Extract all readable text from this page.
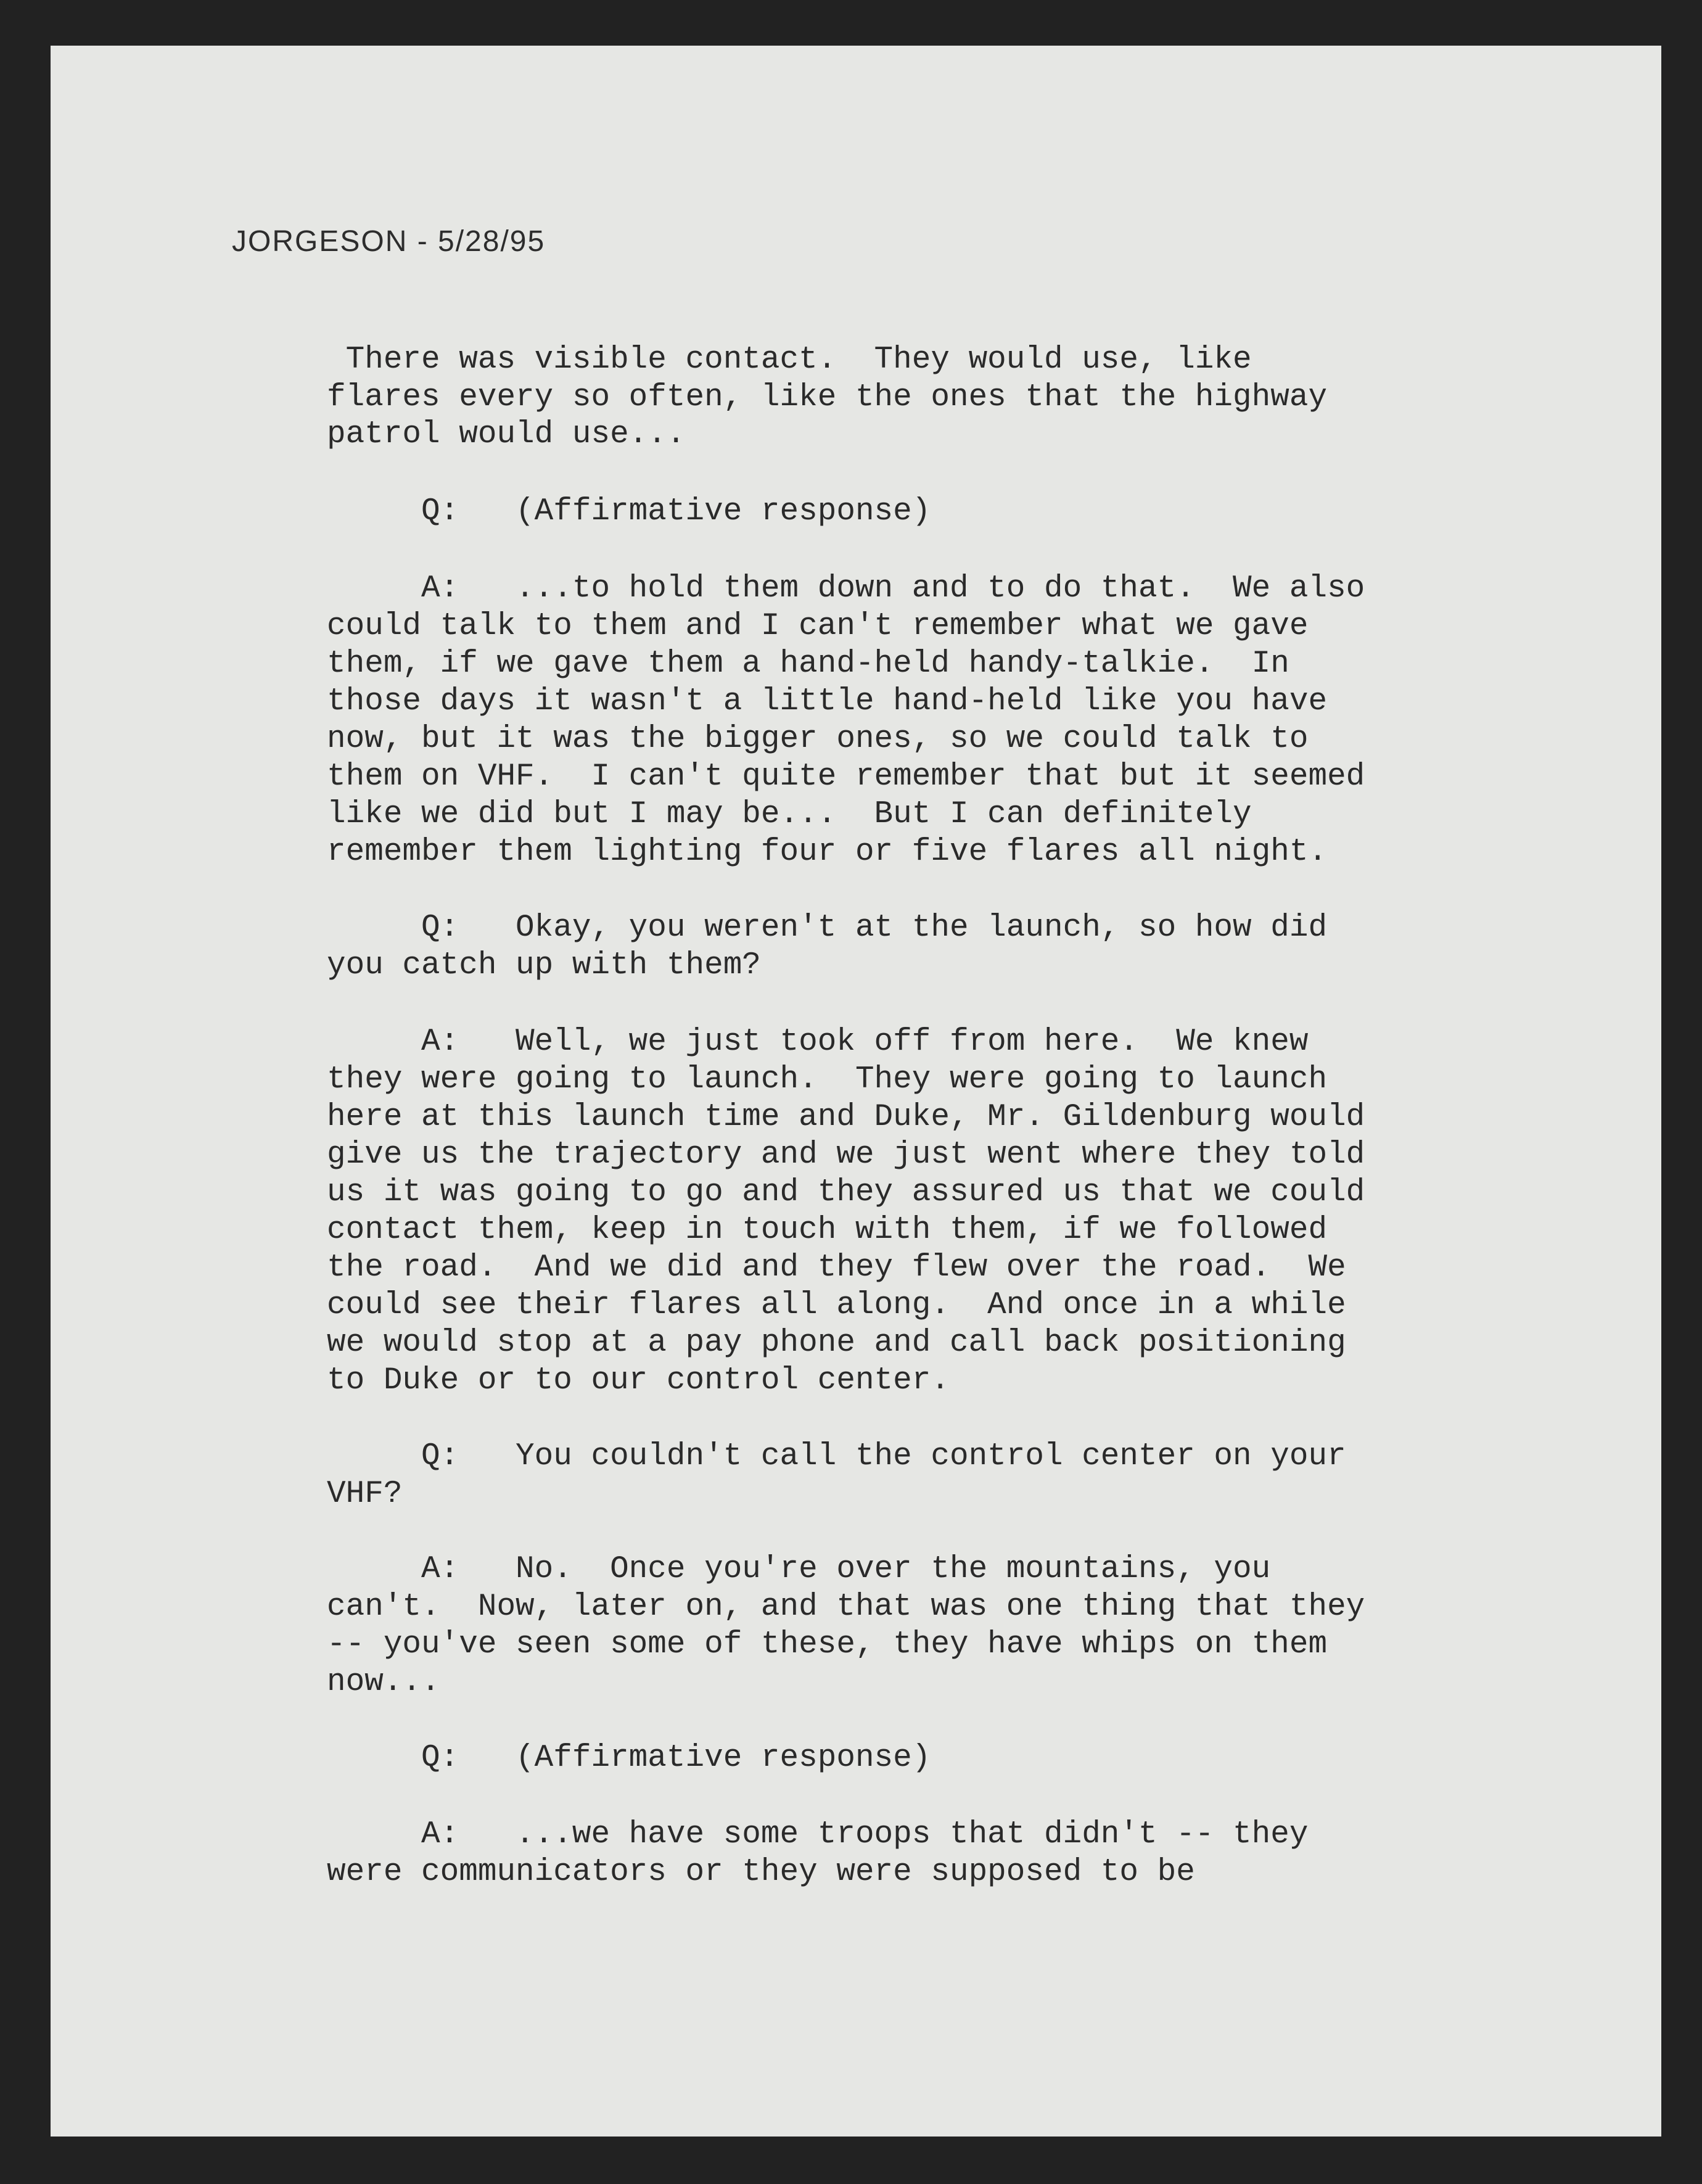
JORGESON - 5/28/95
There was visible contact.  They would use, like
flares every so often, like the ones that the highway
patrol would use...
Q:   (Affirmative response)
A:   ...to hold them down and to do that.  We also
could talk to them and I can't remember what we gave
them, if we gave them a hand-held handy-talkie.  In
those days it wasn't a little hand-held like you have
now, but it was the bigger ones, so we could talk to
them on VHF.  I can't quite remember that but it seemed
like we did but I may be...  But I can definitely
remember them lighting four or five flares all night.
Q:   Okay, you weren't at the launch, so how did
you catch up with them?
A:   Well, we just took off from here.  We knew
they were going to launch.  They were going to launch
here at this launch time and Duke, Mr. Gildenburg would
give us the trajectory and we just went where they told
us it was going to go and they assured us that we could
contact them, keep in touch with them, if we followed
the road.  And we did and they flew over the road.  We
could see their flares all along.  And once in a while
we would stop at a pay phone and call back positioning
to Duke or to our control center.
Q:   You couldn't call the control center on your
VHF?
A:   No.  Once you're over the mountains, you
can't.  Now, later on, and that was one thing that they
-- you've seen some of these, they have whips on them
now...
Q:   (Affirmative response)
A:   ...we have some troops that didn't -- they
were communicators or they were supposed to be
